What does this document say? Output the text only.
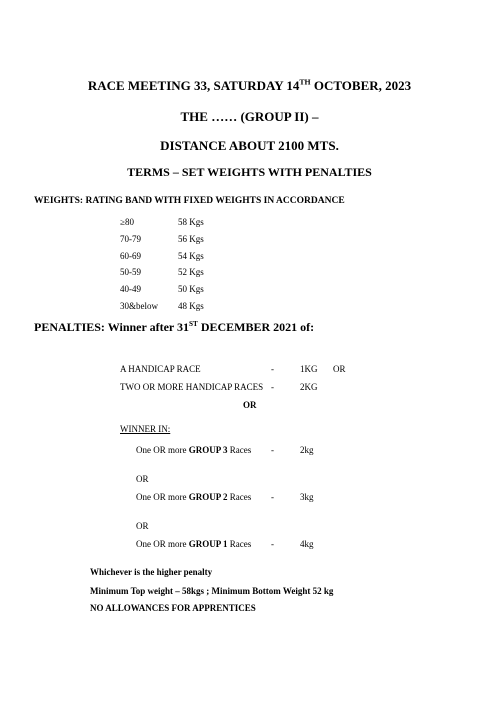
RACE MEETING 33, SATURDAY 14TH OCTOBER, 2023
THE …… (GROUP II) –
DISTANCE ABOUT 2100 MTS.
TERMS – SET WEIGHTS WITH PENALTIES
WEIGHTS: RATING BAND WITH FIXED WEIGHTS IN ACCORDANCE
≥80	58 Kgs
70-79	56 Kgs
60-69	54 Kgs
50-59	52 Kgs
40-49	50 Kgs
30&below 48 Kgs
PENALTIES: Winner after 31ST DECEMBER 2021 of:
A HANDICAP RACE	-	1KG OR
TWO OR MORE HANDICAP RACES -	2KG
OR
WINNER IN:
One OR more GROUP 3 Races -	2kg
OR
One OR more GROUP 2 Races -	3kg
OR
One OR more GROUP 1 Races -	4kg
Whichever is the higher penalty
Minimum Top weight – 58kgs ; Minimum Bottom Weight 52 kg
NO ALLOWANCES FOR APPRENTICES
